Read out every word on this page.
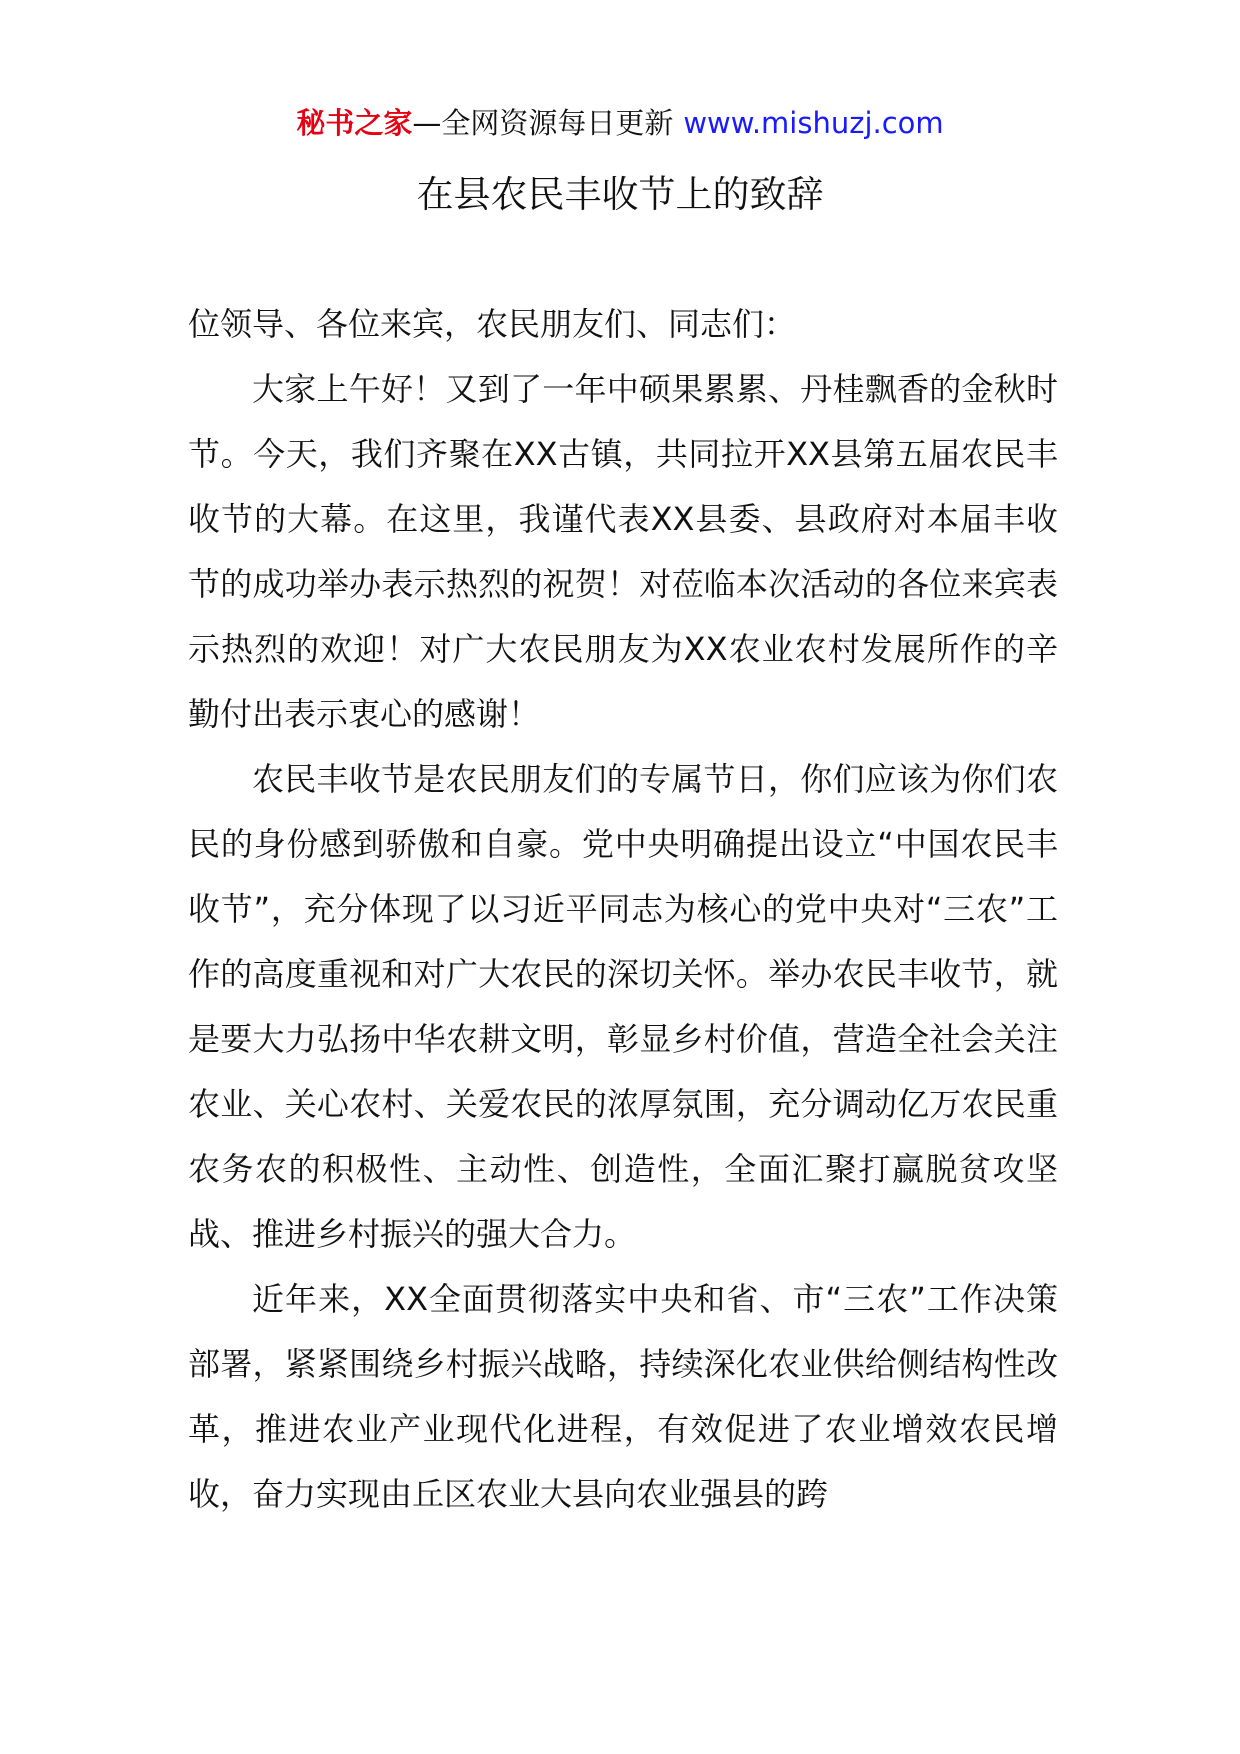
秘书之家—全网资源每日更新 www.mishuzj.com
在县农民丰收节上的致辞

位领导、各位来宾，农民朋友们、同志们：

大家上午好！又到了一年中硕果累累、丹桂飘香的金秋时节。今天，我们齐聚在XX古镇，共同拉开XX县第五届农民丰收节的大幕。在这里，我谨代表XX县委、县政府对本届丰收节的成功举办表示热烈的祝贺！对莅临本次活动的各位来宾表示热烈的欢迎！对广大农民朋友为XX农业农村发展所作的辛勤付出表示衷心的感谢！

农民丰收节是农民朋友们的专属节日，你们应该为你们农民的身份感到骄傲和自豪。党中央明确提出设立“中国农民丰收节”，充分体现了以习近平同志为核心的党中央对“三农”工作的高度重视和对广大农民的深切关怀。举办农民丰收节，就是要大力弘扬中华农耕文明，彰显乡村价值，营造全社会关注农业、关心农村、关爱农民的浓厚氛围，充分调动亿万农民重农务农的积极性、主动性、创造性，全面汇聚打赢脱贫攻坚战、推进乡村振兴的强大合力。

近年来，XX全面贯彻落实中央和省、市“三农”工作决策部署，紧紧围绕乡村振兴战略，持续深化农业供给侧结构性改革，推进农业产业现代化进程，有效促进了农业增效农民增收，奋力实现由丘区农业大县向农业强县的跨
